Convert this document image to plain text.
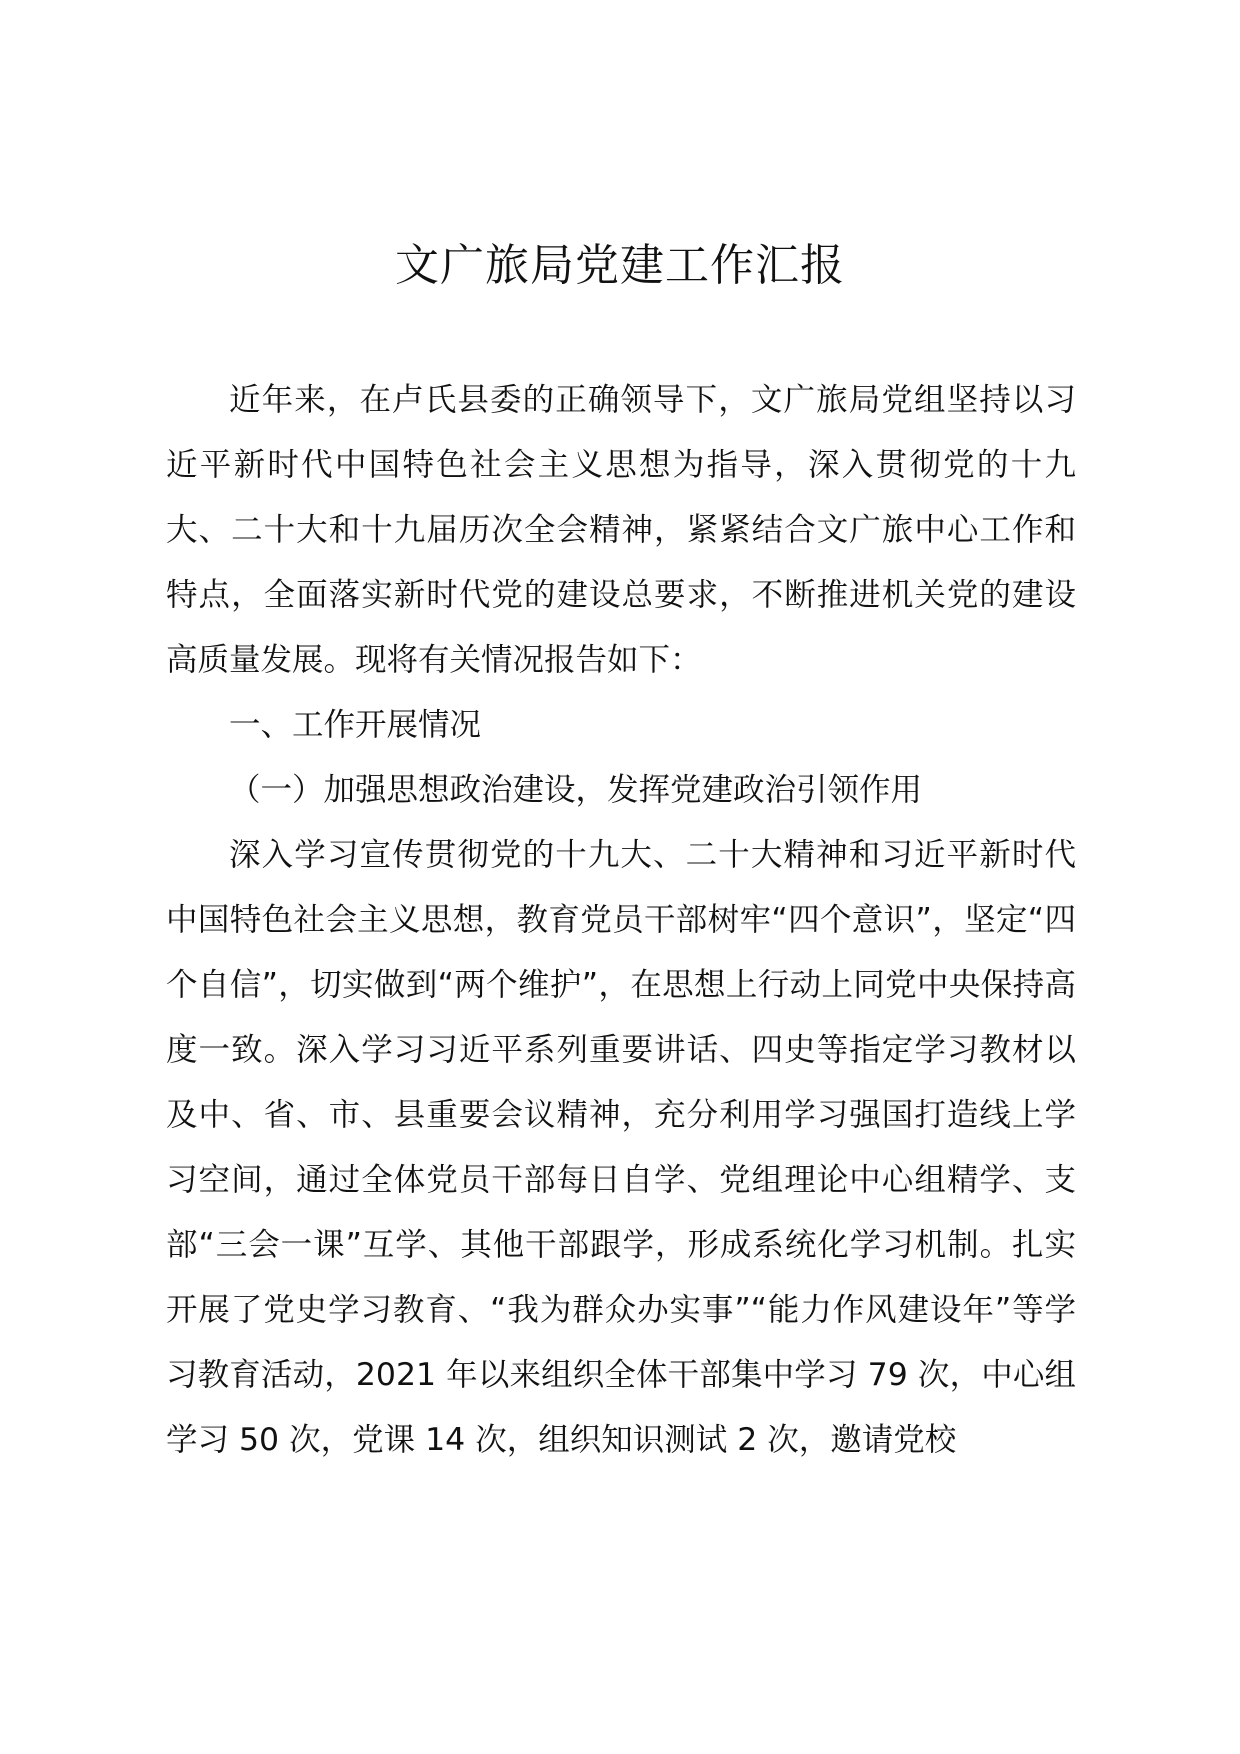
文广旅局党建工作汇报

近年来，在卢氏县委的正确领导下，文广旅局党组坚持以习近平新时代中国特色社会主义思想为指导，深入贯彻党的十九大、二十大和十九届历次全会精神，紧紧结合文广旅中心工作和特点，全面落实新时代党的建设总要求，不断推进机关党的建设高质量发展。现将有关情况报告如下：

一、工作开展情况

（一）加强思想政治建设，发挥党建政治引领作用

深入学习宣传贯彻党的十九大、二十大精神和习近平新时代中国特色社会主义思想，教育党员干部树牢“四个意识”，坚定“四个自信”，切实做到“两个维护”，在思想上行动上同党中央保持高度一致。深入学习习近平系列重要讲话、四史等指定学习教材以及中、省、市、县重要会议精神，充分利用学习强国打造线上学习空间，通过全体党员干部每日自学、党组理论中心组精学、支部“三会一课”互学、其他干部跟学，形成系统化学习机制。扎实开展了党史学习教育、“我为群众办实事”“能力作风建设年”等学习教育活动，2021 年以来组织全体干部集中学习 79 次，中心组学习 50 次，党课 14 次，组织知识测试 2 次，邀请党校
